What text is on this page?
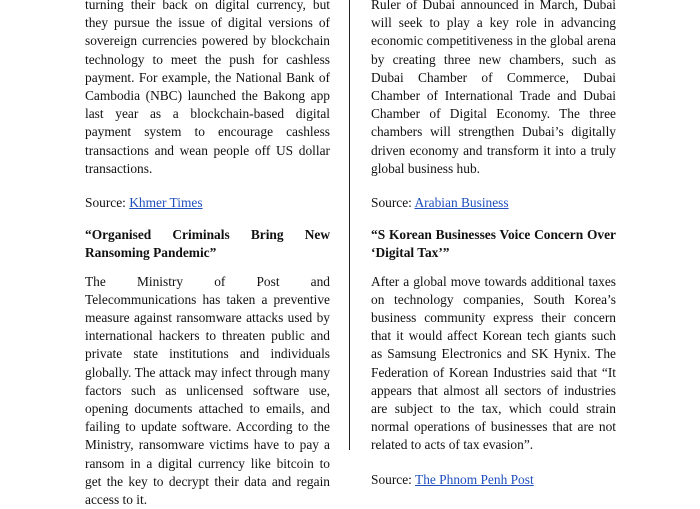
turning their back on digital currency, but they pursue the issue of digital versions of sovereign currencies powered by blockchain technology to meet the push for cashless payment. For example, the National Bank of Cambodia (NBC) launched the Bakong app last year as a blockchain-based digital payment system to encourage cashless transactions and wean people off US dollar transactions.

Source: Khmer Times

“Organised Criminals Bring New Ransoming Pandemic”

The Ministry of Post and Telecommunications has taken a preventive measure against ransomware attacks used by international hackers to threaten public and private state institutions and individuals globally. The attack may infect through many factors such as unlicensed software use, opening documents attached to emails, and failing to update software. According to the Ministry, ransomware victims have to pay a ransom in a digital currency like bitcoin to get the key to decrypt their data and regain access to it.

Ruler of Dubai announced in March, Dubai will seek to play a key role in advancing economic competitiveness in the global arena by creating three new chambers, such as Dubai Chamber of Commerce, Dubai Chamber of International Trade and Dubai Chamber of Digital Economy. The three chambers will strengthen Dubai’s digitally driven economy and transform it into a truly global business hub.

Source: Arabian Business

“S Korean Businesses Voice Concern Over ‘Digital Tax’”

After a global move towards additional taxes on technology companies, South Korea’s business community express their concern that it would affect Korean tech giants such as Samsung Electronics and SK Hynix. The Federation of Korean Industries said that “It appears that almost all sectors of industries are subject to the tax, which could strain normal operations of businesses that are not related to acts of tax evasion”.

Source: The Phnom Penh Post
